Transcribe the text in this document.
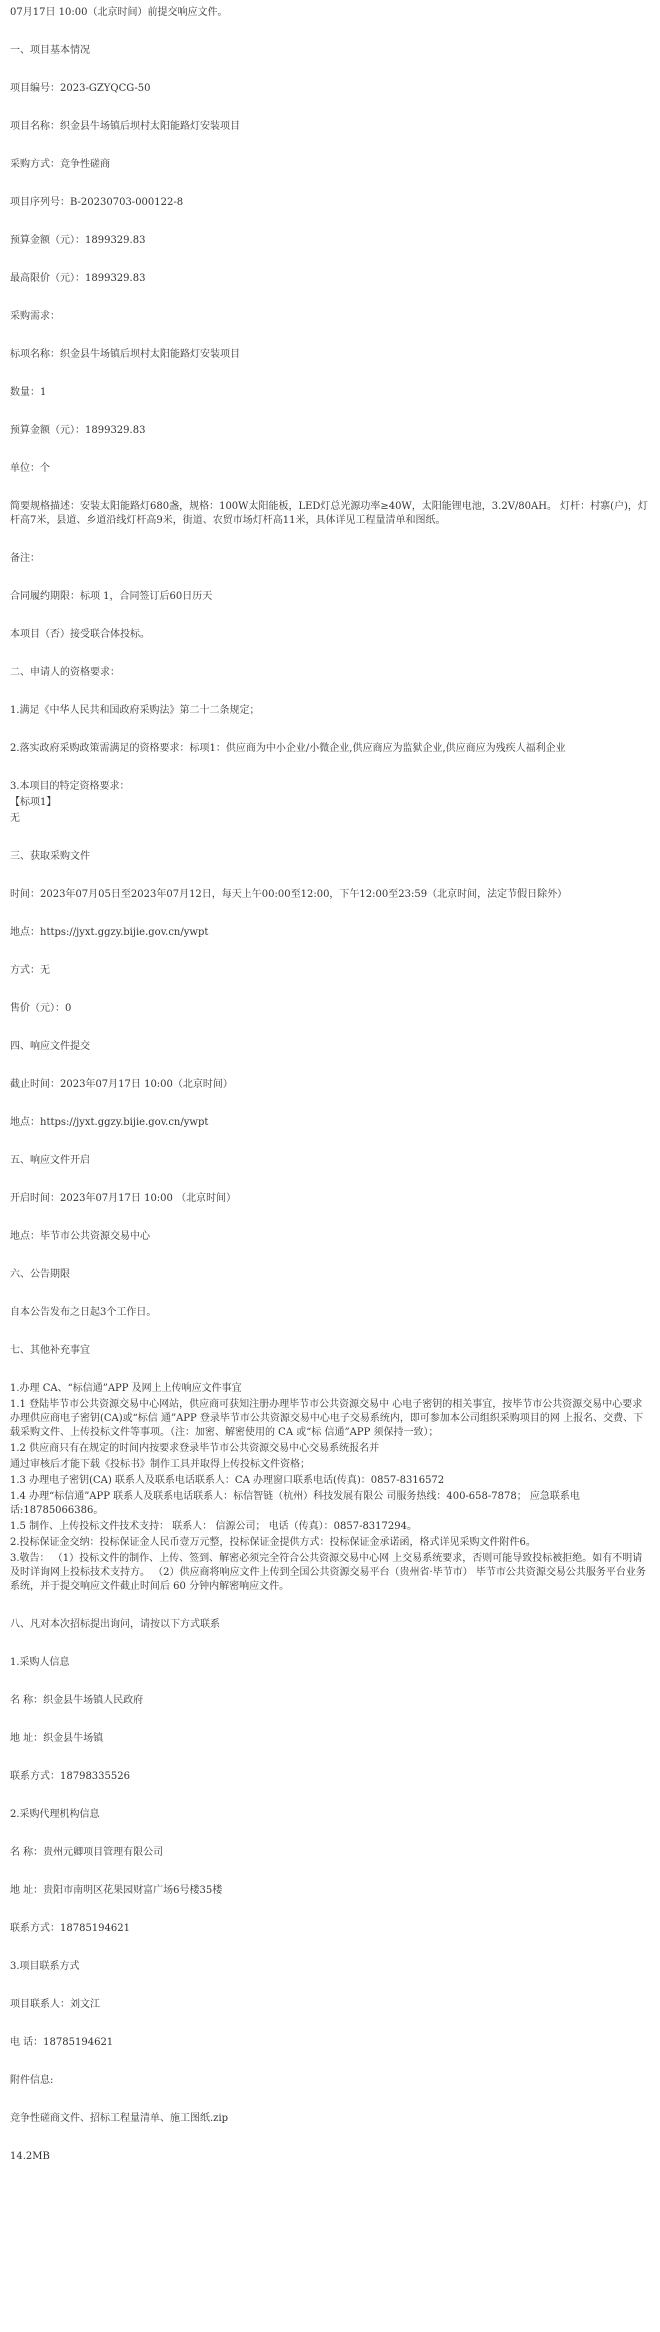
07月17日 10:00（北京时间）前提交响应文件。

一、项目基本情况

项目编号：2023-GZYQCG-50

项目名称：织金县牛场镇后坝村太阳能路灯安装项目

采购方式：竞争性磋商

项目序列号：B-20230703-000122-8

预算金额（元）：1899329.83

最高限价（元）：1899329.83

采购需求：

标项名称：织金县牛场镇后坝村太阳能路灯安装项目

数量：1

预算金额（元）：1899329.83

单位：个

简要规格描述：安装太阳能路灯680盏，规格：100W太阳能板，LED灯总光源功率≥40W，太阳能锂电池，3.2V/80AH。 灯杆：村寨(户)，灯杆高7米，县道、乡道沿线灯杆高9米，街道、农贸市场灯杆高11米，具体详见工程量清单和图纸。

备注：

合同履约期限：标项 1，合同签订后60日历天

本项目（否）接受联合体投标。

二、申请人的资格要求：

1.满足《中华人民共和国政府采购法》第二十二条规定；

2.落实政府采购政策需满足的资格要求：标项1：供应商为中小企业/小微企业,供应商应为监狱企业,供应商应为残疾人福利企业

3.本项目的特定资格要求：

【标项1】

无

三、获取采购文件

时间：2023年07月05日至2023年07月12日，每天上午00:00至12:00，下午12:00至23:59（北京时间，法定节假日除外）

地点：https://jyxt.ggzy.bijie.gov.cn/ywpt

方式：无

售价（元）：0

四、响应文件提交

截止时间：2023年07月17日 10:00（北京时间）

地点：https://jyxt.ggzy.bijie.gov.cn/ywpt

五、响应文件开启

开启时间：2023年07月17日 10:00 （北京时间）

地点：毕节市公共资源交易中心

六、公告期限

自本公告发布之日起3个工作日。

七、其他补充事宜

1.办理 CA、“标信通”APP 及网上上传响应文件事宜

1.1 登陆毕节市公共资源交易中心网站，供应商可获知注册办理毕节市公共资源交易中 心电子密钥的相关事宜，按毕节市公共资源交易中心要求办理供应商电子密钥(CA)或“标信 通”APP 登录毕节市公共资源交易中心电子交易系统内，即可参加本公司组织采购项目的网 上报名、交费、下载采购文件、上传投标文件等事项。（注：加密、解密使用的 CA 或“标 信通”APP 须保持一致）；

1.2 供应商只有在规定的时间内按要求登录毕节市公共资源交易中心交易系统报名并

通过审核后才能下载《投标书》制作工具并取得上传投标文件资格；

1.3 办理电子密钥(CA) 联系人及联系电话联系人：CA 办理窗口联系电话(传真)：0857-8316572

1.4 办理“标信通”APP 联系人及联系电话联系人：标信智链（杭州）科技发展有限公 司服务热线：400-658-7878； 应急联系电话:18785066386。

1.5 制作、上传投标文件技术支持： 联系人： 信源公司； 电话（传真）：0857-8317294。

2.投标保证金交纳：投标保证金人民币壹万元整，投标保证金提供方式：投标保证金承诺函，格式详见采购文件附件6。

3.敬告： （1）投标文件的制作、上传、签到、解密必须完全符合公共资源交易中心网 上交易系统要求，否则可能导致投标被拒绝。如有不明请及时详询网上投标技术支持方。 （2）供应商将响应文件上传到全国公共资源交易平台（贵州省·毕节市） 毕节市公共资源交易公共服务平台业务系统，并于提交响应文件截止时间后 60 分钟内解密响应文件。

八、凡对本次招标提出询问，请按以下方式联系

1.采购人信息

名 称：织金县牛场镇人民政府

地 址：织金县牛场镇

联系方式：18798335526

2.采购代理机构信息

名 称：贵州元卿项目管理有限公司

地 址：贵阳市南明区花果园财富广场6号楼35楼

联系方式：18785194621

3.项目联系方式

项目联系人：刘文江

电 话：18785194621

附件信息:

竞争性磋商文件、招标工程量清单、施工图纸.zip

14.2MB
